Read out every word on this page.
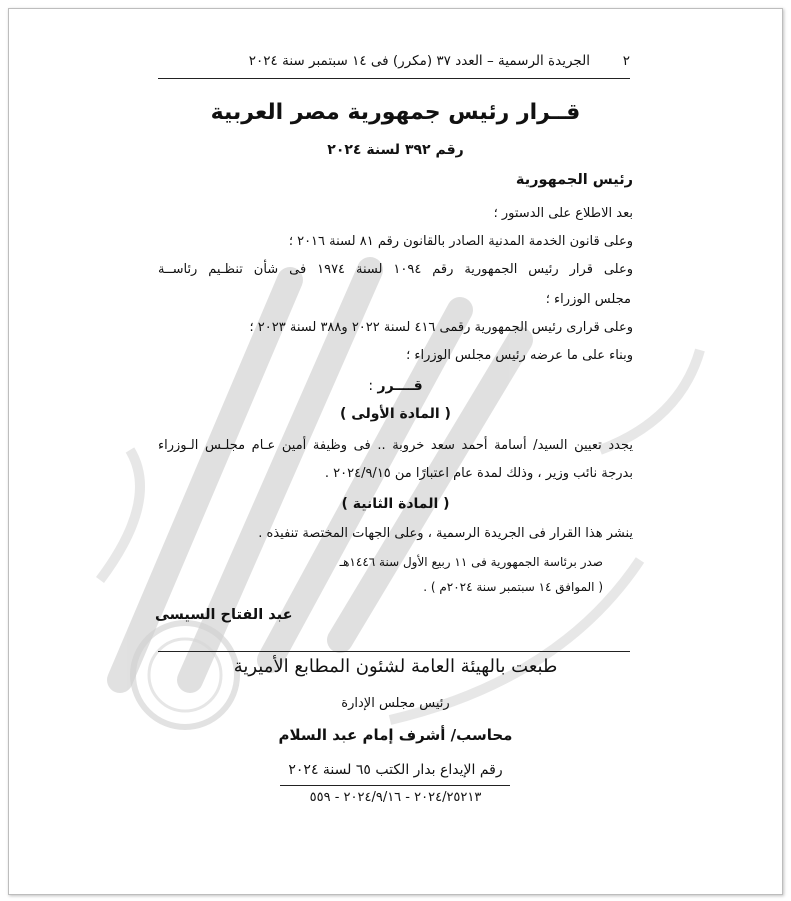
٢
الجريدة الرسمية – العدد ٣٧ (مكرر) فى ١٤ سبتمبر سنة ٢٠٢٤
قــرار رئيس جمهورية مصر العربية
رقم ٣٩٢ لسنة ٢٠٢٤
رئيس الجمهورية
بعد الاطلاع على الدستور ؛
وعلى قانون الخدمة المدنية الصادر بالقانون رقم ٨١ لسنة ٢٠١٦ ؛
وعلى قرار رئيس الجمهورية رقم ١٠٩٤ لسنة ١٩٧٤ فى شأن تنظـيم رئاســة
مجلس الوزراء ؛
وعلى قرارى رئيس الجمهورية رقمى ٤١٦ لسنة ٢٠٢٢ و٣٨٨ لسنة ٢٠٢٣ ؛
وبناء على ما عرضه رئيس مجلس الوزراء ؛
قــــرر :
( المادة الأولى )
يجدد تعيين السيد/ أسامة أحمد سعد خروبة .. فى وظيفة أمين عـام مجلـس الـوزراء
بدرجة نائب وزير ، وذلك لمدة عام اعتبارًا من ٢٠٢٤/٩/١٥ .
( المادة الثانية )
ينشر هذا القرار فى الجريدة الرسمية ، وعلى الجهات المختصة تنفيذه .
صدر برئاسة الجمهورية فى ١١ ربيع الأول سنة ١٤٤٦هـ
( الموافق ١٤ سبتمبر سنة ٢٠٢٤م ) .
عبد الفتاح السيسى
طبعت بالهيئة العامة لشئون المطابع الأميرية
رئيس مجلس الإدارة
محاسب/ أشرف إمام عبد السلام
رقم الإيداع بدار الكتب ٦٥ لسنة ٢٠٢٤
٢٠٢٤/٢٥٢١٣ - ٢٠٢٤/٩/١٦ - ٥٥٩
